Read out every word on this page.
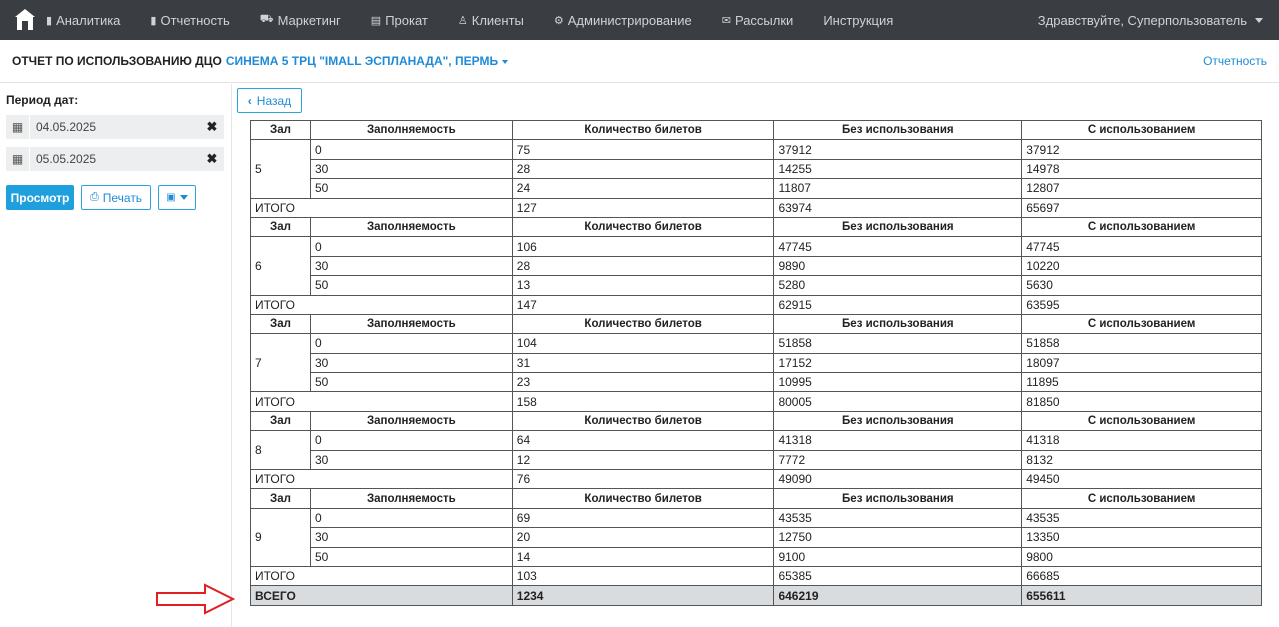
▮ Аналитика	▮ Отчетность	⛟ Маркетинг	▤ Прокат	♙ Клиенты	⚙ Администрирование	✉ Рассылки Инструкция	Здравствуйте, Суперпользователь
ОТЧЕТ ПО ИСПОЛЬЗОВАНИЮ ДЦО СИНЕМА 5 ТРЦ "IMALL ЭСПЛАНАДА", ПЕРМЬ	Отчетность
Период дат:
▦	04.05.2025	✖
▦	05.05.2025	✖
Просмотр	⎙ Печать ▣
‹ Назад
Зал	Заполняемость	Количество билетов	Без использования	С использованием
5	0	75	37912	37912
	30	28	14255	14978
	50	24	11807	12807
ИТОГО		127	63974	65697
Зал	Заполняемость	Количество билетов	Без использования	С использованием
6	0	106	47745	47745
	30	28	9890	10220
	50	13	5280	5630
ИТОГО		147	62915	63595
Зал	Заполняемость	Количество билетов	Без использования	С использованием
7	0	104	51858	51858
	30	31	17152	18097
	50	23	10995	11895
ИТОГО		158	80005	81850
Зал	Заполняемость	Количество билетов	Без использования	С использованием
8	0	64	41318	41318
	30	12	7772	8132
ИТОГО		76	49090	49450
Зал	Заполняемость	Количество билетов	Без использования	С использованием
9	0	69	43535	43535
	30	20	12750	13350
	50	14	9100	9800
ИТОГО		103	65385	66685
ВСЕГО		1234	646219	655611
